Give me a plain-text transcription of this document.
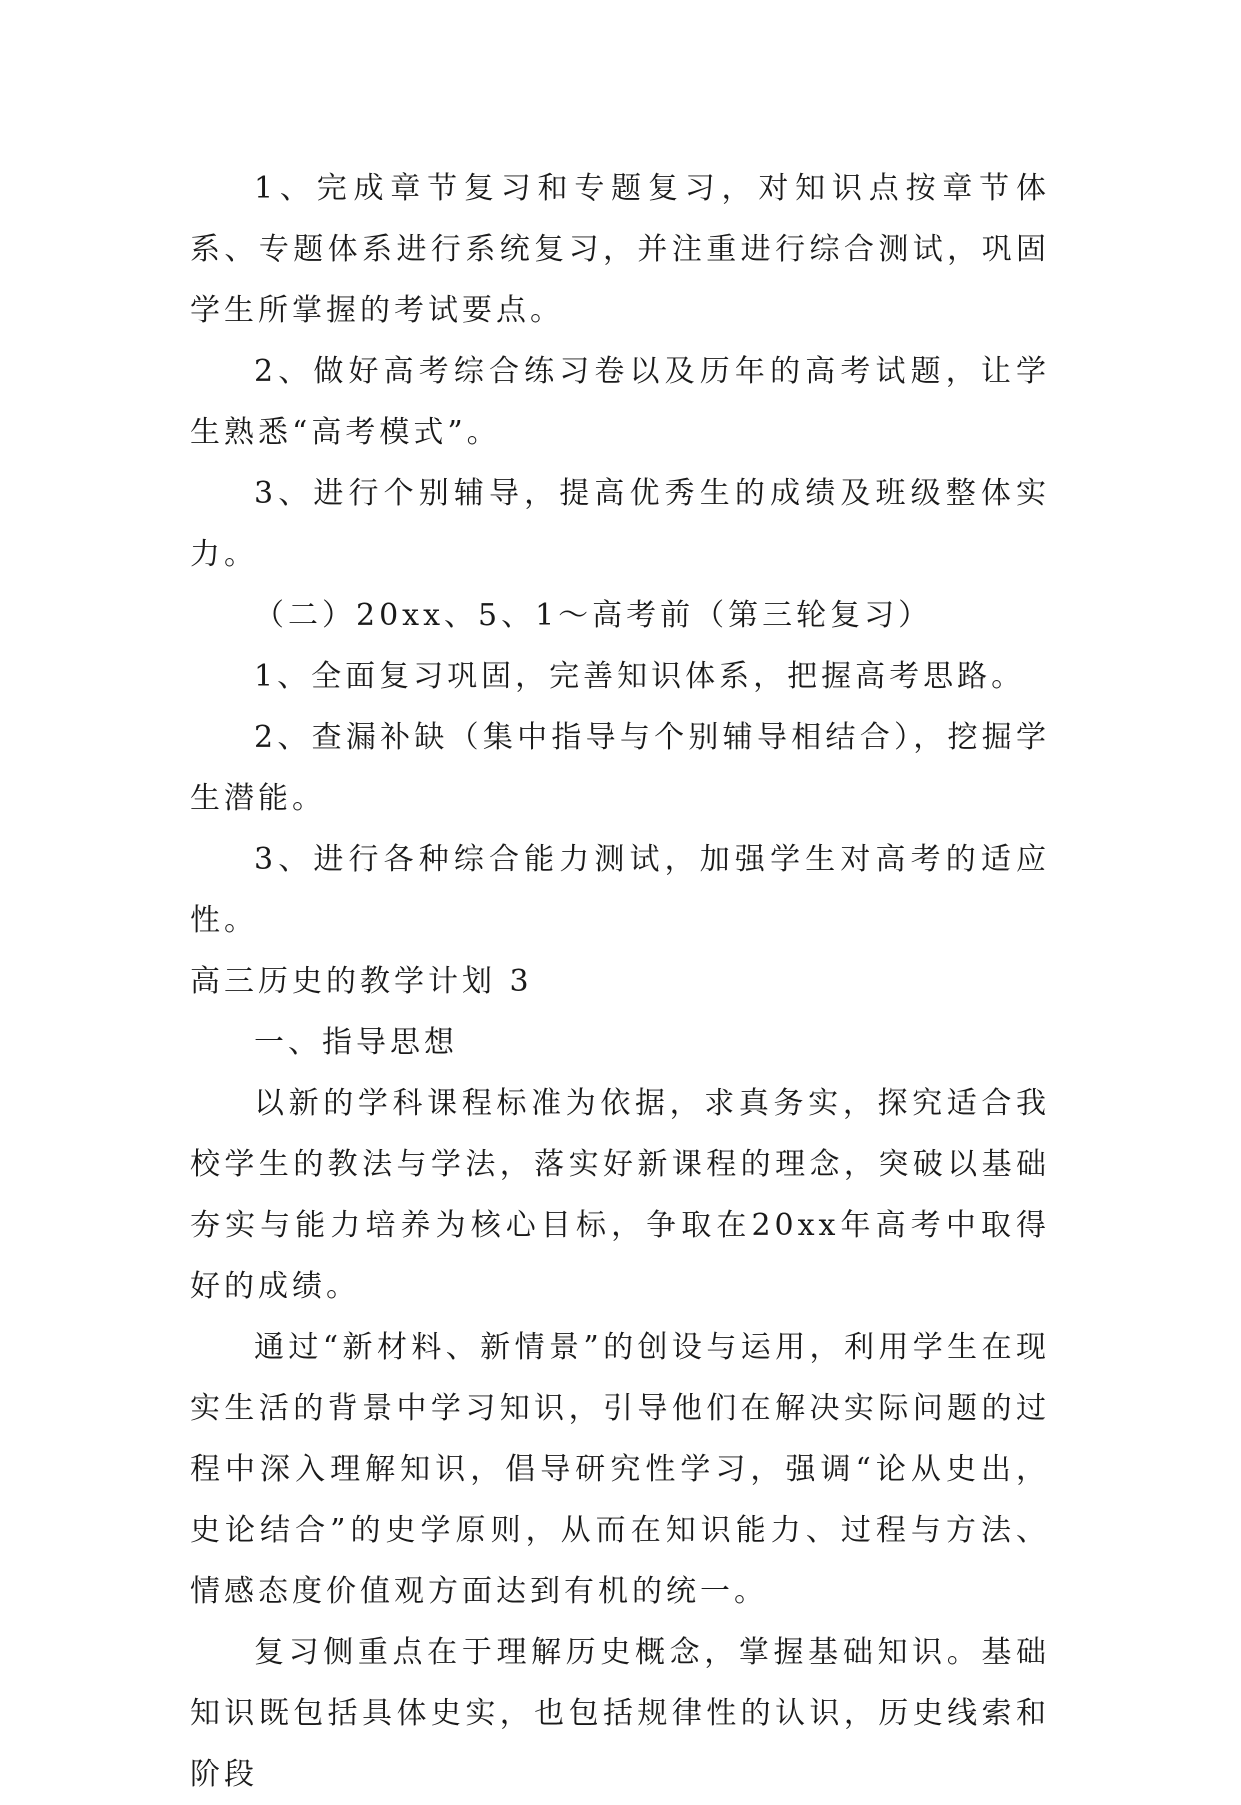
1、完成章节复习和专题复习，对知识点按章节体系、专题体系进行系统复习，并注重进行综合测试，巩固学生所掌握的考试要点。

2、做好高考综合练习卷以及历年的高考试题，让学生熟悉“高考模式”。

3、进行个别辅导，提高优秀生的成绩及班级整体实力。

（二）20xx、5、1～高考前（第三轮复习）

1、全面复习巩固，完善知识体系，把握高考思路。

2、查漏补缺（集中指导与个别辅导相结合），挖掘学生潜能。

3、进行各种综合能力测试，加强学生对高考的适应性。

高三历史的教学计划 3

一、指导思想

以新的学科课程标准为依据，求真务实，探究适合我校学生的教法与学法，落实好新课程的理念，突破以基础夯实与能力培养为核心目标，争取在20xx年高考中取得好的成绩。

通过“新材料、新情景”的创设与运用，利用学生在现实生活的背景中学习知识，引导他们在解决实际问题的过程中深入理解知识，倡导研究性学习，强调“论从史出，史论结合”的史学原则，从而在知识能力、过程与方法、情感态度价值观方面达到有机的统一。

复习侧重点在于理解历史概念，掌握基础知识。基础知识既包括具体史实，也包括规律性的认识，历史线索和阶段
